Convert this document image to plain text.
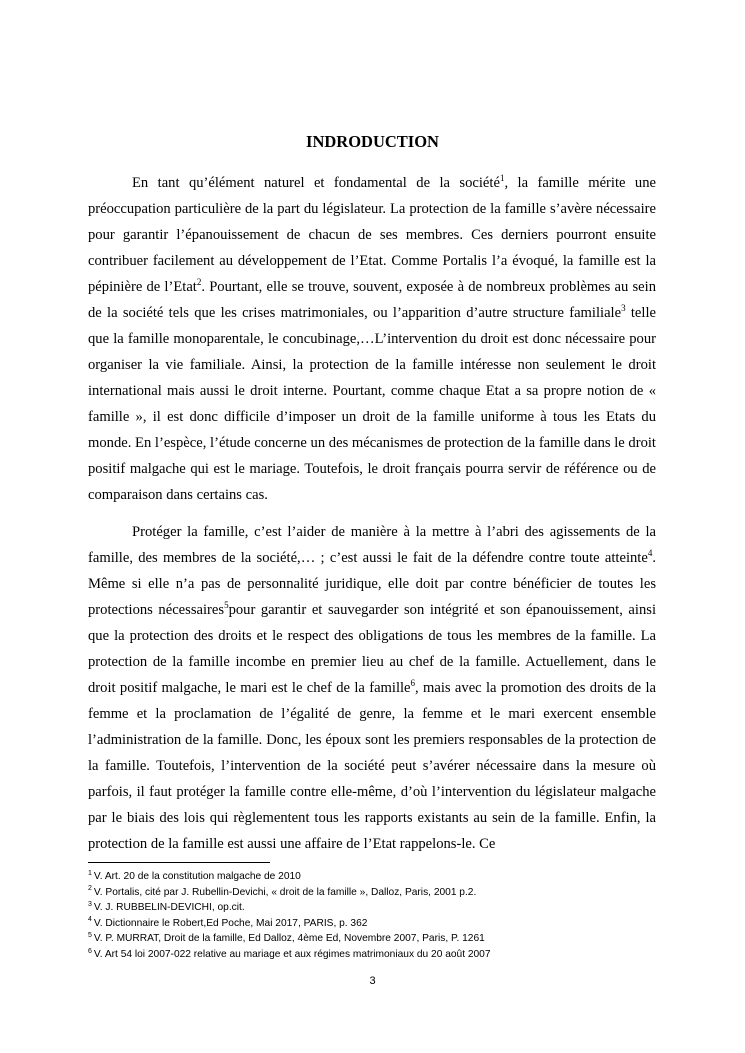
INDRODUCTION

En tant qu’élément naturel et fondamental de la société$^1$, la famille mérite une préoccupation particulière de la part du législateur. La protection de la famille s’avère nécessaire pour garantir l’épanouissement de chacun de ses membres. Ces derniers pourront ensuite contribuer facilement au développement de l’Etat. Comme Portalis l’a évoqué, la famille est la pépinière de l’Etat$^2$. Pourtant, elle se trouve, souvent, exposée à de nombreux problèmes au sein de la société tels que les crises matrimoniales, ou l’apparition d’autre structure familiale$^3$ telle que la famille monoparentale, le concubinage,…L’intervention du droit est donc nécessaire pour organiser la vie familiale. Ainsi, la protection de la famille intéresse non seulement le droit international mais aussi le droit interne. Pourtant, comme chaque Etat a sa propre notion de « famille », il est donc difficile d’imposer un droit de la famille uniforme à tous les Etats du monde. En l’espèce, l’étude concerne un des mécanismes de protection de la famille dans le droit positif malgache qui est le mariage. Toutefois, le droit français pourra servir de référence ou de comparaison dans certains cas.

Protéger la famille, c’est l’aider de manière à la mettre à l’abri des agissements de la famille, des membres de la société,… ; c’est aussi le fait de la défendre contre toute atteinte$^4$. Même si elle n’a pas de personnalité juridique, elle doit par contre bénéficier de toutes les protections nécessaires$^5$pour garantir et sauvegarder son intégrité et son épanouissement, ainsi que la protection des droits et le respect des obligations de tous les membres de la famille. La protection de la famille incombe en premier lieu au chef de la famille. Actuellement, dans le droit positif malgache, le mari est le chef de la famille$^6$, mais avec la promotion des droits de la femme et la proclamation de l’égalité de genre, la femme et le mari exercent ensemble l’administration de la famille. Donc, les époux sont les premiers responsables de la protection de la famille. Toutefois, l’intervention de la société peut s’avérer nécessaire dans la mesure où parfois, il faut protéger la famille contre elle-même, d’où l’intervention du législateur malgache par le biais des lois qui règlementent tous les rapports existants au sein de la famille. Enfin, la protection de la famille est aussi une affaire de l’Etat rappelons-le. Ce

$^1$ V. Art. 20 de la constitution malgache de 2010
$^2$ V. Portalis, cité par J. Rubellin-Devichi, « droit de la famille », Dalloz, Paris, 2001 p.2.
$^3$ V. J. RUBBELIN-DEVICHI, op.cit.
$^4$ V. Dictionnaire le Robert,Ed Poche, Mai 2017, PARIS, p. 362
$^5$ V. P. MURRAT, Droit de la famille, Ed Dalloz, 4ème Ed, Novembre 2007, Paris, P. 1261
$^6$ V. Art 54 loi 2007-022 relative au mariage et aux régimes matrimoniaux du 20 août 2007
3
